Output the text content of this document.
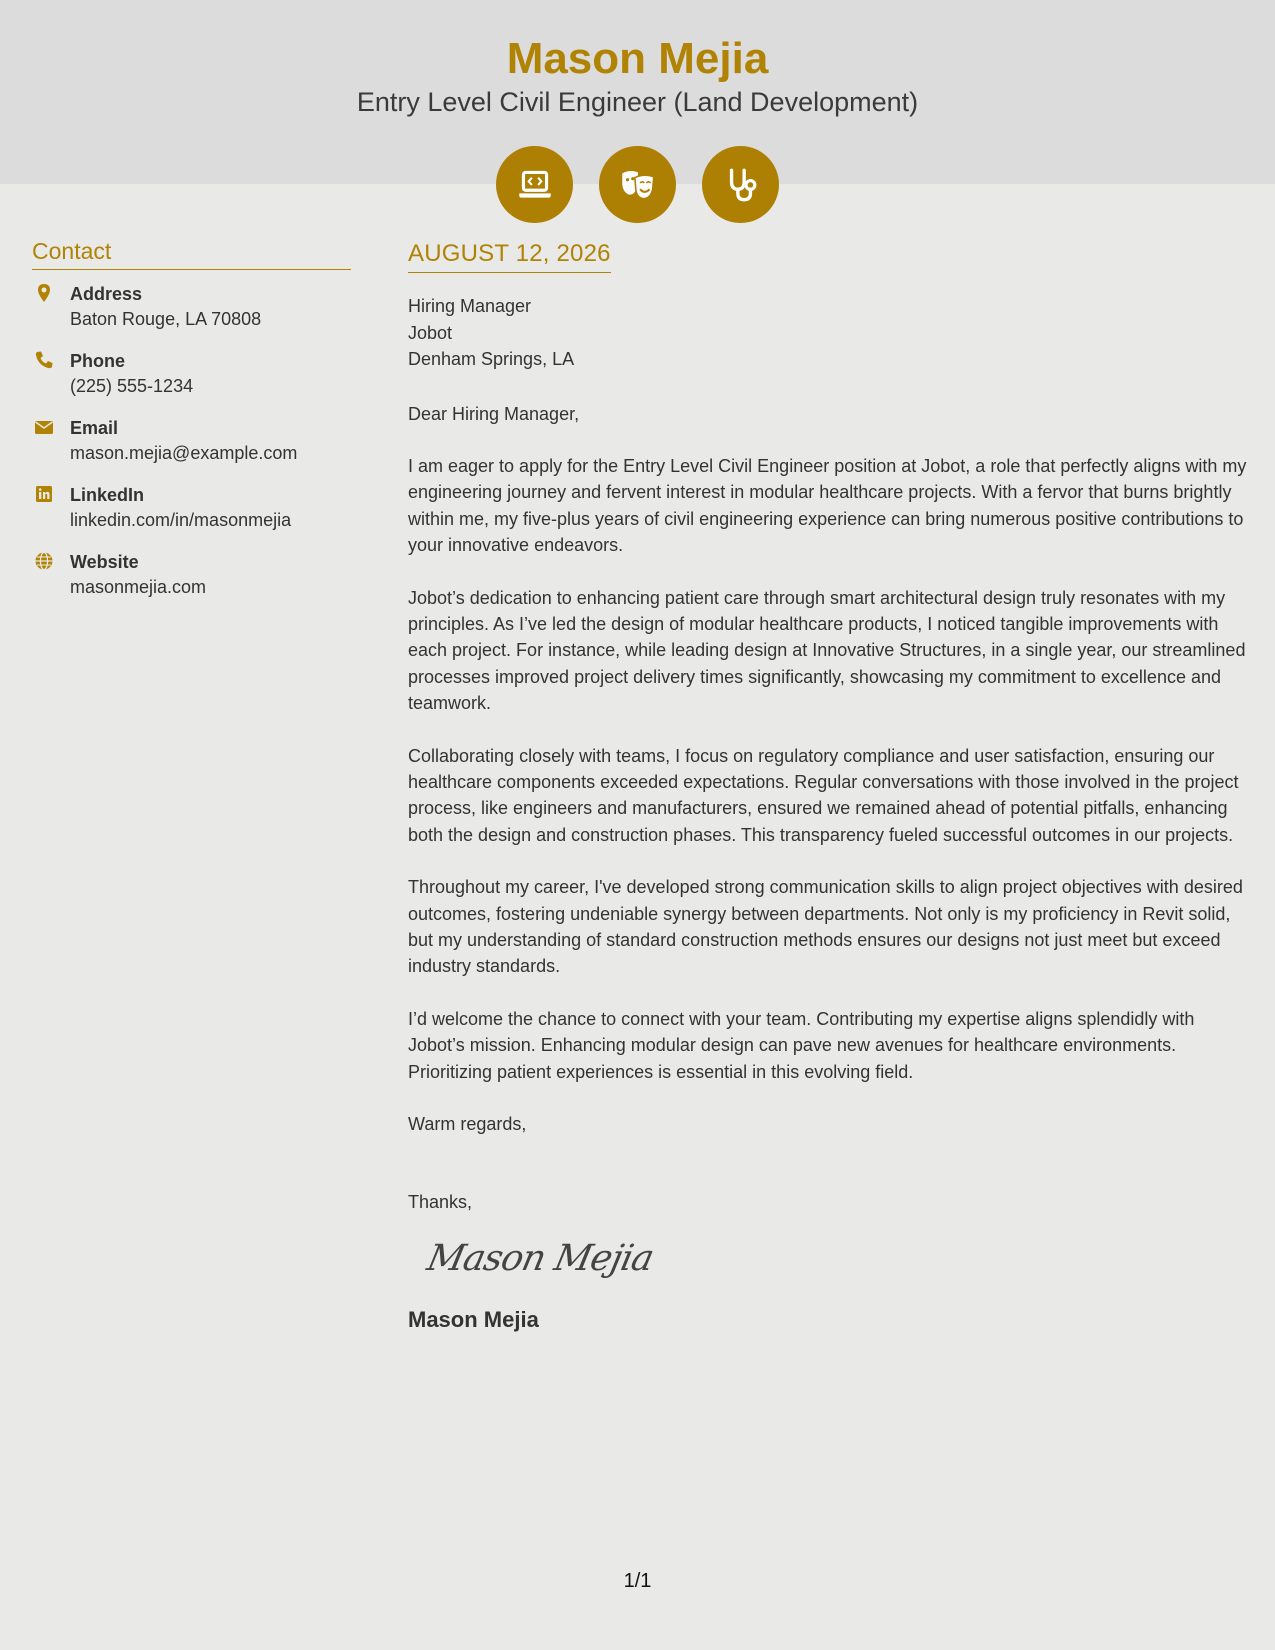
Mason Mejia
Entry Level Civil Engineer (Land Development)
Contact
Address
Baton Rouge, LA 70808
Phone
(225) 555-1234
Email
mason.mejia@example.com
LinkedIn
linkedin.com/in/masonmejia
Website
masonmejia.com
AUGUST 12, 2026
Hiring Manager
Jobot
Denham Springs, LA

Dear Hiring Manager,

I am eager to apply for the Entry Level Civil Engineer position at Jobot, a role that perfectly aligns with my engineering journey and fervent interest in modular healthcare projects. With a fervor that burns brightly within me, my five-plus years of civil engineering experience can bring numerous positive contributions to your innovative endeavors.

Jobot’s dedication to enhancing patient care through smart architectural design truly resonates with my principles. As I’ve led the design of modular healthcare products, I noticed tangible improvements with each project. For instance, while leading design at Innovative Structures, in a single year, our streamlined processes improved project delivery times significantly, showcasing my commitment to excellence and teamwork.

Collaborating closely with teams, I focus on regulatory compliance and user satisfaction, ensuring our healthcare components exceeded expectations. Regular conversations with those involved in the project process, like engineers and manufacturers, ensured we remained ahead of potential pitfalls, enhancing both the design and construction phases. This transparency fueled successful outcomes in our projects.

Throughout my career, I've developed strong communication skills to align project objectives with desired outcomes, fostering undeniable synergy between departments. Not only is my proficiency in Revit solid, but my understanding of standard construction methods ensures our designs not just meet but exceed industry standards.

I’d welcome the chance to connect with your team. Contributing my expertise aligns splendidly with Jobot’s mission. Enhancing modular design can pave new avenues for healthcare environments. Prioritizing patient experiences is essential in this evolving field.

Warm regards,

Thanks,

Mason Mejia
Mason Mejia
1/1
